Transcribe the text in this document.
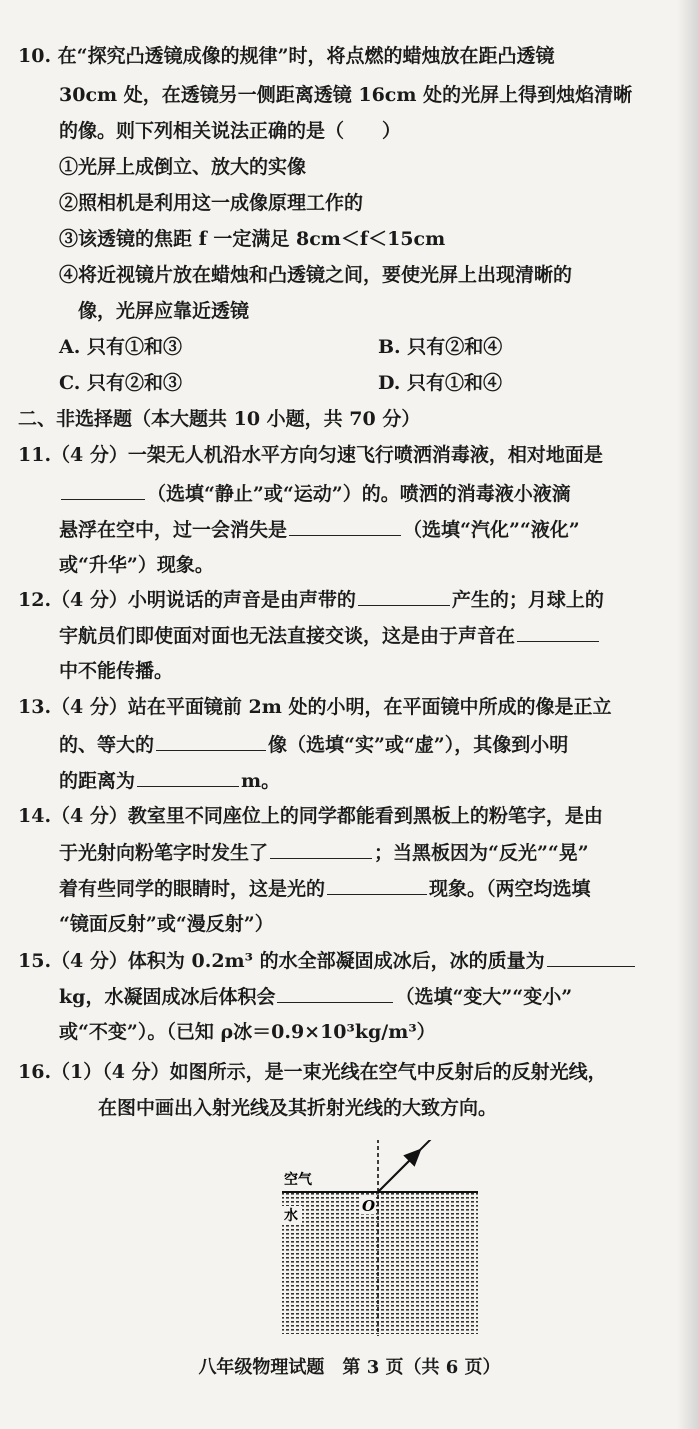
10. 在“探究凸透镜成像的规律”时，将点燃的蜡烛放在距凸透镜
30cm 处，在透镜另一侧距离透镜 16cm 处的光屏上得到烛焰清晰
的像。则下列相关说法正确的是（　　）
①光屏上成倒立、放大的实像
②照相机是利用这一成像原理工作的
③该透镜的焦距 f 一定满足 8cm＜f＜15cm
④将近视镜片放在蜡烛和凸透镜之间，要使光屏上出现清晰的
像，光屏应靠近透镜
A. 只有①和③	B. 只有②和④
C. 只有②和③	D. 只有①和④
二、非选择题（本大题共 10 小题，共 70 分）
11.（4 分）一架无人机沿水平方向匀速飞行喷洒消毒液，相对地面是
（选填“静止”或“运动”）的。喷洒的消毒液小液滴
悬浮在空中，过一会消失是	（选填“汽化”“液化”
或“升华”）现象。
12.（4 分）小明说话的声音是由声带的	产生的；月球上的
宇航员们即使面对面也无法直接交谈，这是由于声音在
中不能传播。
13.（4 分）站在平面镜前 2m 处的小明，在平面镜中所成的像是正立
的、等大的	像（选填“实”或“虚”），其像到小明
的距离为	m。
14.（4 分）教室里不同座位上的同学都能看到黑板上的粉笔字，是由
于光射向粉笔字时发生了	；当黑板因为“反光”“晃”
着有些同学的眼睛时，这是光的	现象。（两空均选填
“镜面反射”或“漫反射”）
15.（4 分）体积为 0.2m³ 的水全部凝固成冰后，冰的质量为
kg，水凝固成冰后体积会	（选填“变大”“变小”
或“不变”）。（已知 ρ冰＝0.9×10³kg/m³）
16.（1）（4 分）如图所示，是一束光线在空气中反射后的反射光线，
在图中画出入射光线及其折射光线的大致方向。
O
空气
水
八年级物理试题　第 3 页（共 6 页）
